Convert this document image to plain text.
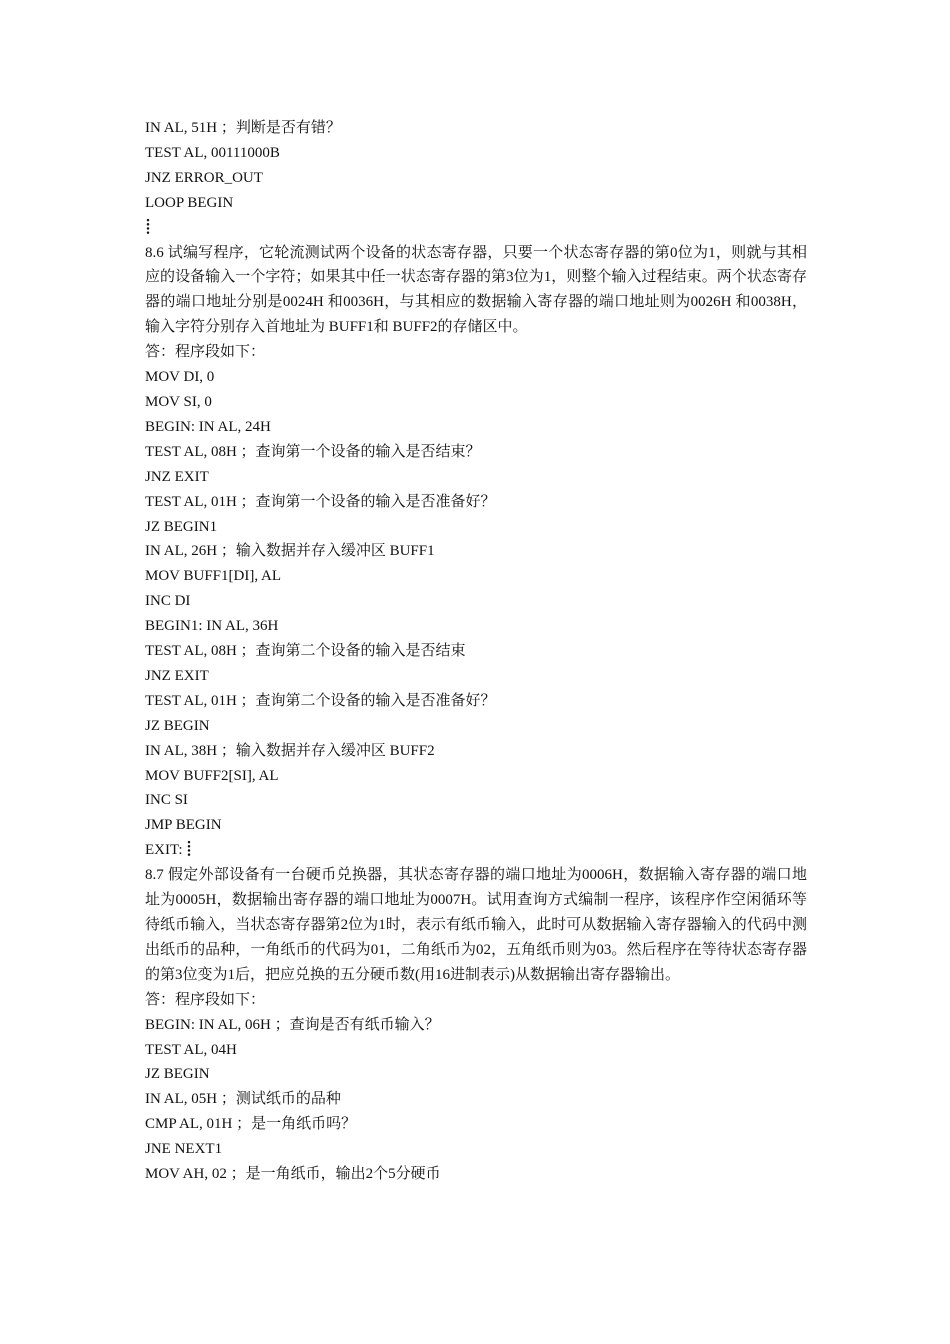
IN AL, 51H ；判断是否有错？
TEST AL, 00111000B
JNZ ERROR_OUT
LOOP BEGIN
8.6 试编写程序，它轮流测试两个设备的状态寄存器，只要一个状态寄存器的第0位为1，则就与其相应的设备输入一个字符；如果其中任一状态寄存器的第3位为1，则整个输入过程结束。两个状态寄存器的端口地址分别是0024H 和0036H，与其相应的数据输入寄存器的端口地址则为0026H 和0038H，输入字符分别存入首地址为 BUFF1和 BUFF2的存储区中。
答：程序段如下：
MOV DI, 0
MOV SI, 0
BEGIN: IN AL, 24H
TEST AL, 08H ；查询第一个设备的输入是否结束？
JNZ EXIT
TEST AL, 01H ；查询第一个设备的输入是否准备好？
JZ BEGIN1
IN AL, 26H ；输入数据并存入缓冲区 BUFF1
MOV BUFF1[DI], AL
INC DI
BEGIN1: IN AL, 36H
TEST AL, 08H ；查询第二个设备的输入是否结束
JNZ EXIT
TEST AL, 01H ；查询第二个设备的输入是否准备好？
JZ BEGIN
IN AL, 38H ；输入数据并存入缓冲区 BUFF2
MOV BUFF2[SI], AL
INC SI
JMP BEGIN
EXIT:
8.7 假定外部设备有一台硬币兑换器，其状态寄存器的端口地址为0006H，数据输入寄存器的端口地址为0005H，数据输出寄存器的端口地址为0007H。试用查询方式编制一程序，该程序作空闲循环等待纸币输入，当状态寄存器第2位为1时，表示有纸币输入，此时可从数据输入寄存器输入的代码中测出纸币的品种，一角纸币的代码为01，二角纸币为02，五角纸币则为03。然后程序在等待状态寄存器的第3位变为1后，把应兑换的五分硬币数(用16进制表示)从数据输出寄存器输出。
答：程序段如下：
BEGIN: IN AL, 06H ；查询是否有纸币输入？
TEST AL, 04H
JZ BEGIN
IN AL, 05H ；测试纸币的品种
CMP AL, 01H ；是一角纸币吗？
JNE NEXT1
MOV AH, 02 ；是一角纸币，输出2个5分硬币
